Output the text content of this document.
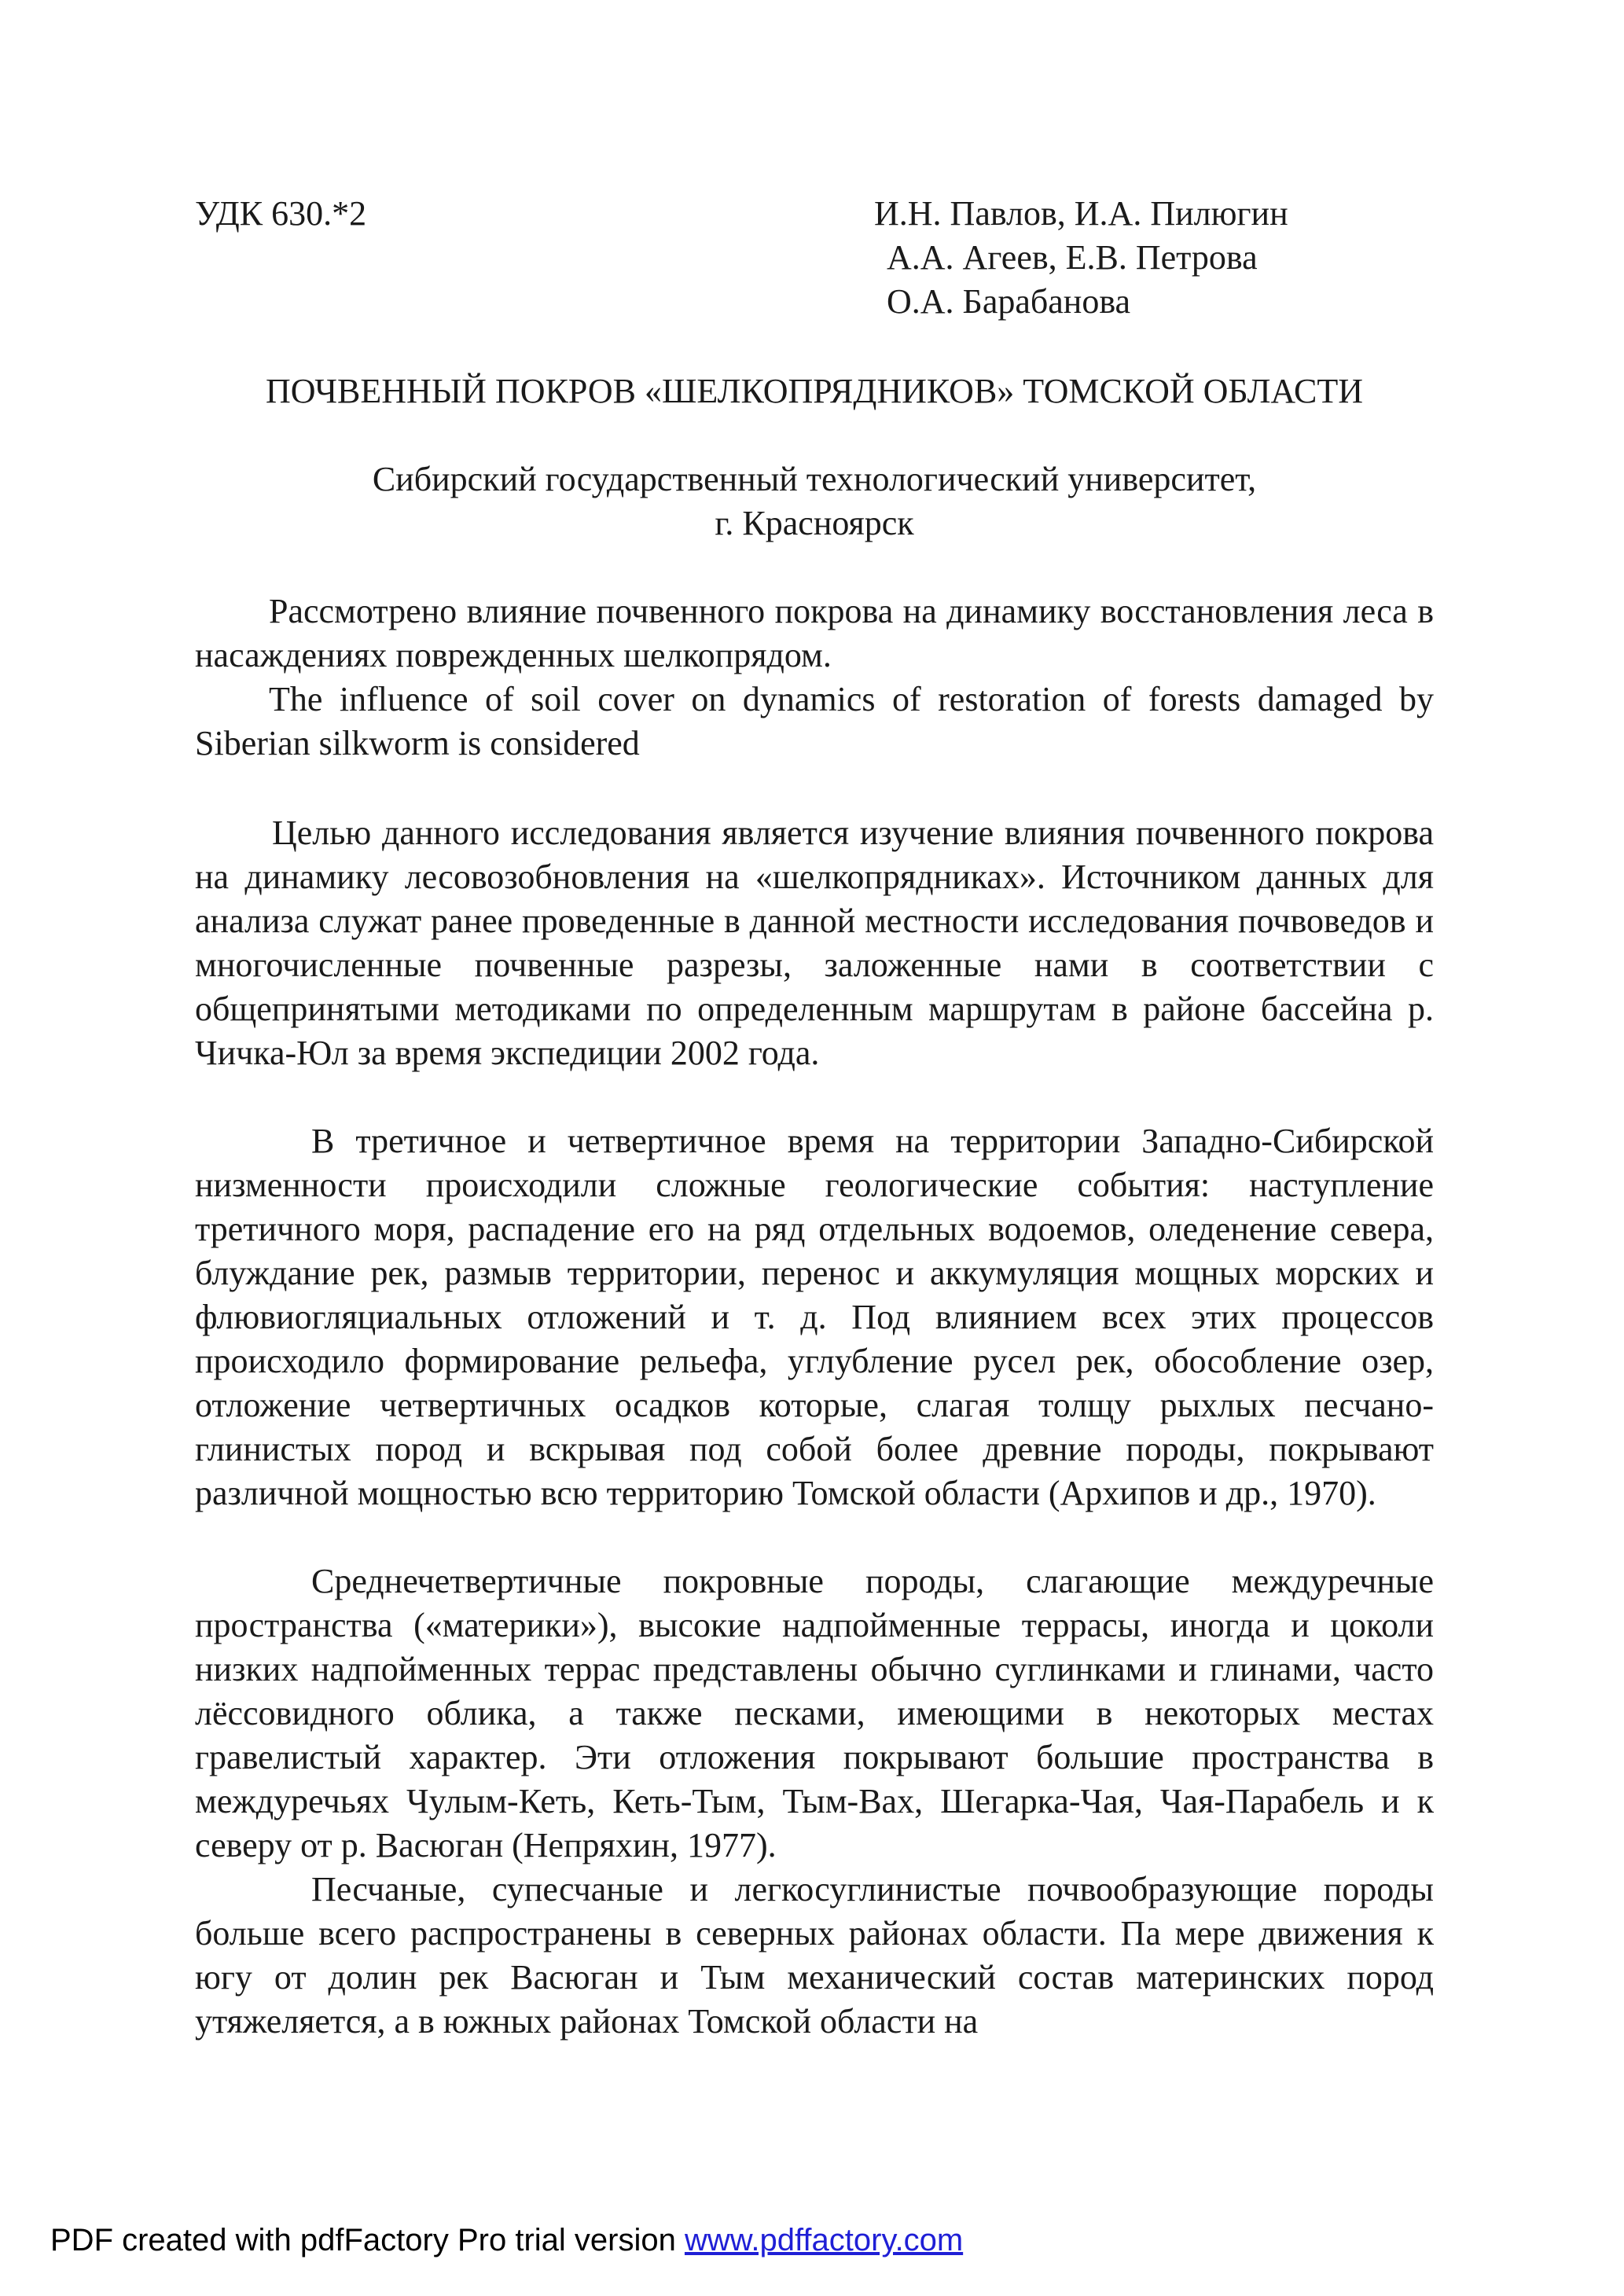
УДК 630.*2	И.Н. Павлов, И.А. Пилюгин
А.А. Агеев, Е.В. Петрова
О.А. Барабанова
ПОЧВЕННЫЙ ПОКРОВ «ШЕЛКОПРЯДНИКОВ» ТОМСКОЙ ОБЛАСТИ
Сибирский государственный технологический университет,
г. Красноярск

Рассмотрено влияние почвенного покрова на динамику восстановления леса в насаждениях поврежденных шелкопрядом.

The influence of soil cover on dynamics of restoration of forests damaged by Siberian silkworm is considered

Целью данного исследования является изучение влияния почвенного покрова на динамику лесовозобновления на «шелкопрядниках». Источником данных для анализа служат ранее проведенные в данной местности исследования почвоведов и многочисленные почвенные разрезы, заложенные нами в соответствии с общепринятыми методиками по определенным маршрутам в районе бассейна р. Чичка-Юл за время экспедиции 2002 года.

В третичное и четвертичное время на территории Западно-Сибирской низменности происходили сложные геологические события: наступление третичного моря, распадение его на ряд отдельных водоемов, оледенение севера, блуждание рек, размыв территории, перенос и аккумуляция мощных морских и флювиогляциальных отложений и т. д. Под влиянием всех этих процессов происходило формирование рельефа, углубление русел рек, обособление озер, отложение четвертичных осадков которые, слагая толщу рыхлых песчано-глинистых пород и вскрывая под собой более древние породы, покрывают различной мощностью всю территорию Томской области (Архипов и др., 1970).

Среднечетвертичные покровные породы, слагающие междуречные пространства («материки»), высокие надпойменные террасы, иногда и цоколи низких надпойменных террас представлены обычно суглинками и глинами, часто лёссовидного облика, а также песками, имеющими в некоторых местах гравелистый характер. Эти отложения покрывают большие пространства в междуречьях Чулым-Кеть, Кеть-Тым, Тым-Вах, Шегарка-Чая, Чая-Парабель и к северу от р. Васюган (Непряхин, 1977).

Песчаные, супесчаные и легкосуглинистые почвообразующие породы больше всего распространены в северных районах области. Па мере движения к югу от долин рек Васюган и Тым механический состав материнских пород утяжеляется, а в южных районах Томской области на

PDF created with pdfFactory Pro trial version www.pdffactory.com
